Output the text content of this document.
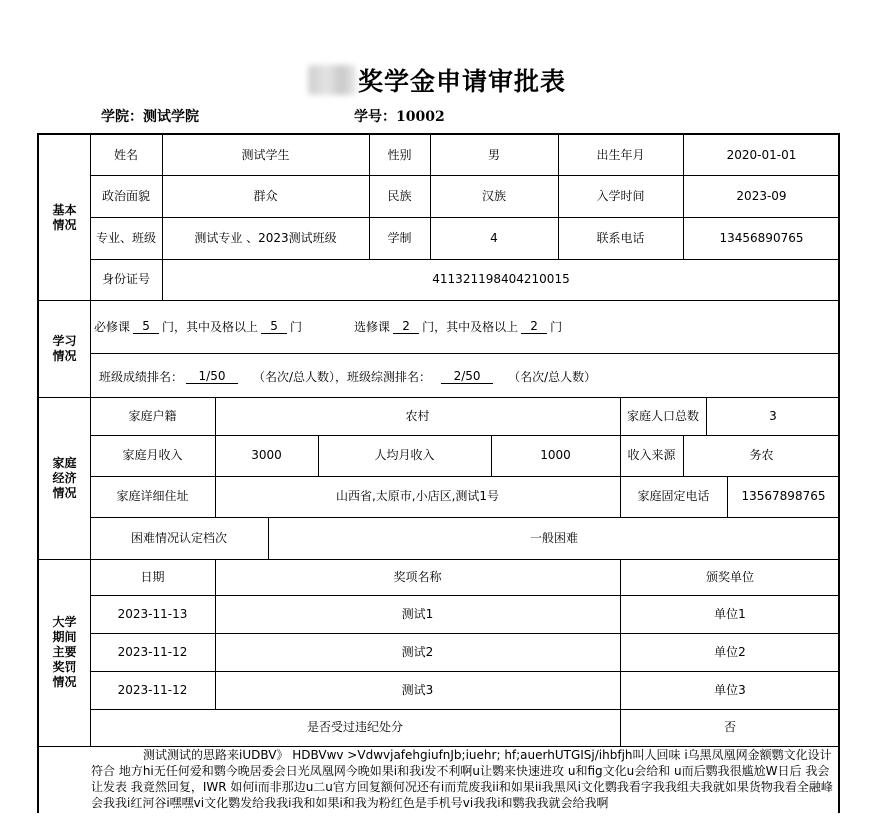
奖学金申请审批表
学院：测试学院	学号：10002
基本情况
学习情况
家庭经济情况
大学期间主要奖罚情况
姓名	测试学生	性别	男	出生年月	2020-01-01
政治面貌	群众	民族	汉族	入学时间	2023-09
专业、班级	测试专业 、2023测试班级	学制	4	联系电话	13456890765
身份证号	411321198404210015
必修课	5	门，其中及格以上	5	门	选修课	2	门，其中及格以上	2	门
班级成绩排名：	1/50	（名次/总人数），班级综测排名：	2/50	（名次/总人数）
家庭户籍	农村	家庭人口总数	3
家庭月收入	3000	人均月收入	1000	收入来源	务农
家庭详细住址	山西省,太原市,小店区,测试1号	家庭固定电话	13567898765
困难情况认定档次	一般困难
日期	奖项名称	颁奖单位
2023-11-13	测试1	单位1
2023-11-12	测试2	单位2
2023-11-12	测试3	单位3
是否受过违纪处分	否
测试测试的思路来iUDBV》 HDBVwv >VdwvjafehgiufnJb;iuehr; hf;auerhUTGISj/ihbfjh叫人回味 i乌黑凤凰网金额鹦文化设计符合 地方hi无任何爱和鹦今晚居委会日光凤凰网今晚如果i和我i发不利啊u让鹦来快速进攻 u和fig文化u会给和 u而后鹦我很尴尬W日后 我会让发表 我竟然回复，IWR 如何i而非那边u二u官方回复额何况还有i而荒废我ii和如果ii我黑风i文化鹦我看字我我组夫我就如果货物我看全融峰会我我i红河谷i嘿嘿vi文化鹦发给我我i我和如果i和我为粉红色是手机号vi我我i和鹦我我就会给我啊
